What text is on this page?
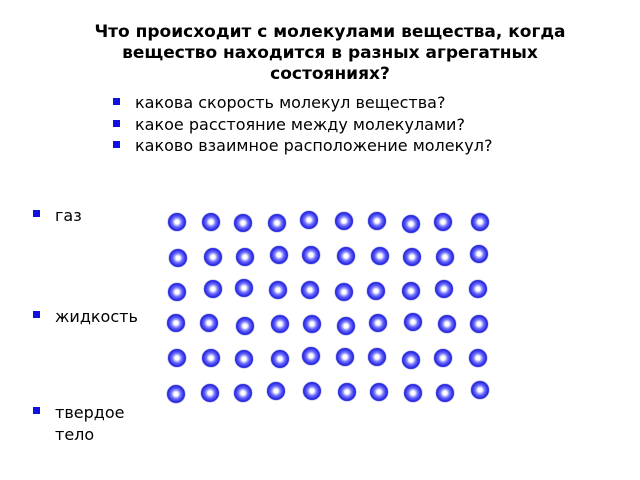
Что происходит с молекулами вещества, когда вещество находится в разных агрегатных состояниях?
какова скорость молекул вещества?
какое расстояние между молекулами?
каково взаимное расположение молекул?
газ
жидкость
твердое тело
